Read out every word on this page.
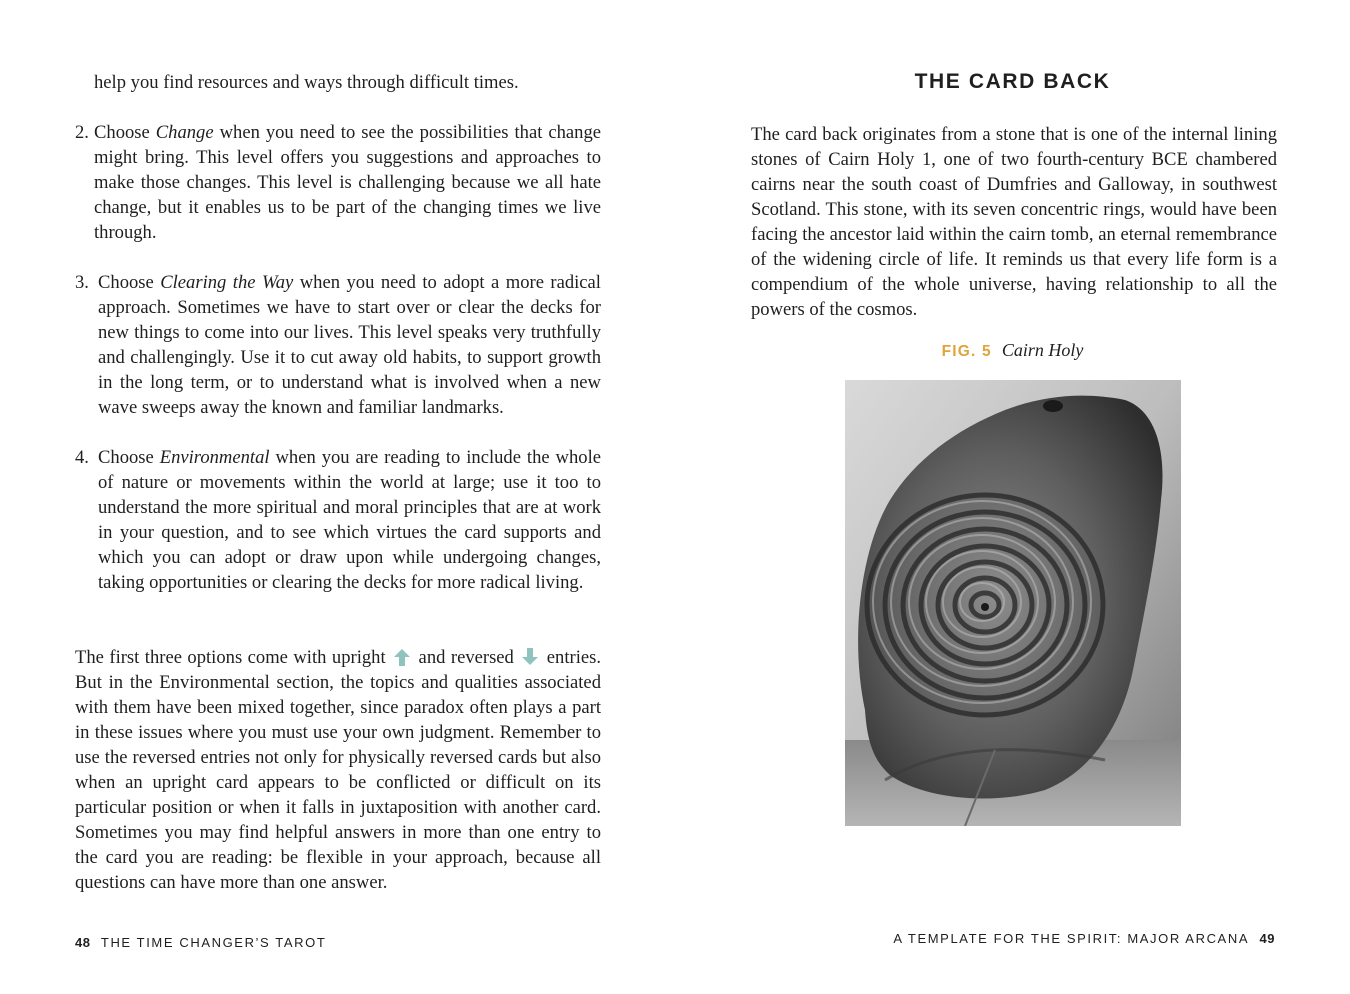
help you find resources and ways through difficult times.
2. Choose Change when you need to see the possibilities that change might bring. This level offers you suggestions and approaches to make those changes. This level is challenging because we all hate change, but it enables us to be part of the changing times we live through.
3. Choose Clearing the Way when you need to adopt a more radical approach. Sometimes we have to start over or clear the decks for new things to come into our lives. This level speaks very truthfully and challengingly. Use it to cut away old habits, to support growth in the long term, or to understand what is involved when a new wave sweeps away the known and familiar landmarks.
4. Choose Environmental when you are reading to include the whole of nature or movements within the world at large; use it too to understand the more spiritual and moral principles that are at work in your question, and to see which virtues the card supports and which you can adopt or draw upon while undergoing changes, taking opportunities or clearing the decks for more radical living.
The first three options come with upright  and reversed  entries. But in the Environmental section, the topics and qualities associated with them have been mixed together, since paradox often plays a part in these issues where you must use your own judgment. Remember to use the reversed entries not only for physically reversed cards but also when an upright card appears to be conflicted or difficult on its particular position or when it falls in juxtaposition with another card. Sometimes you may find helpful answers in more than one entry to the card you are reading: be flexible in your approach, because all questions can have more than one answer.
48 THE TIME CHANGER’S TAROT
THE CARD BACK
The card back originates from a stone that is one of the internal lining stones of Cairn Holy 1, one of two fourth-century BCE chambered cairns near the south coast of Dumfries and Galloway, in southwest Scotland. This stone, with its seven concentric rings, would have been facing the ancestor laid within the cairn tomb, an eternal remembrance of the widening circle of life. It reminds us that every life form is a compendium of the whole universe, having relationship to all the powers of the cosmos.
FIG. 5 Cairn Holy
A TEMPLATE FOR THE SPIRIT: MAJOR ARCANA 49
